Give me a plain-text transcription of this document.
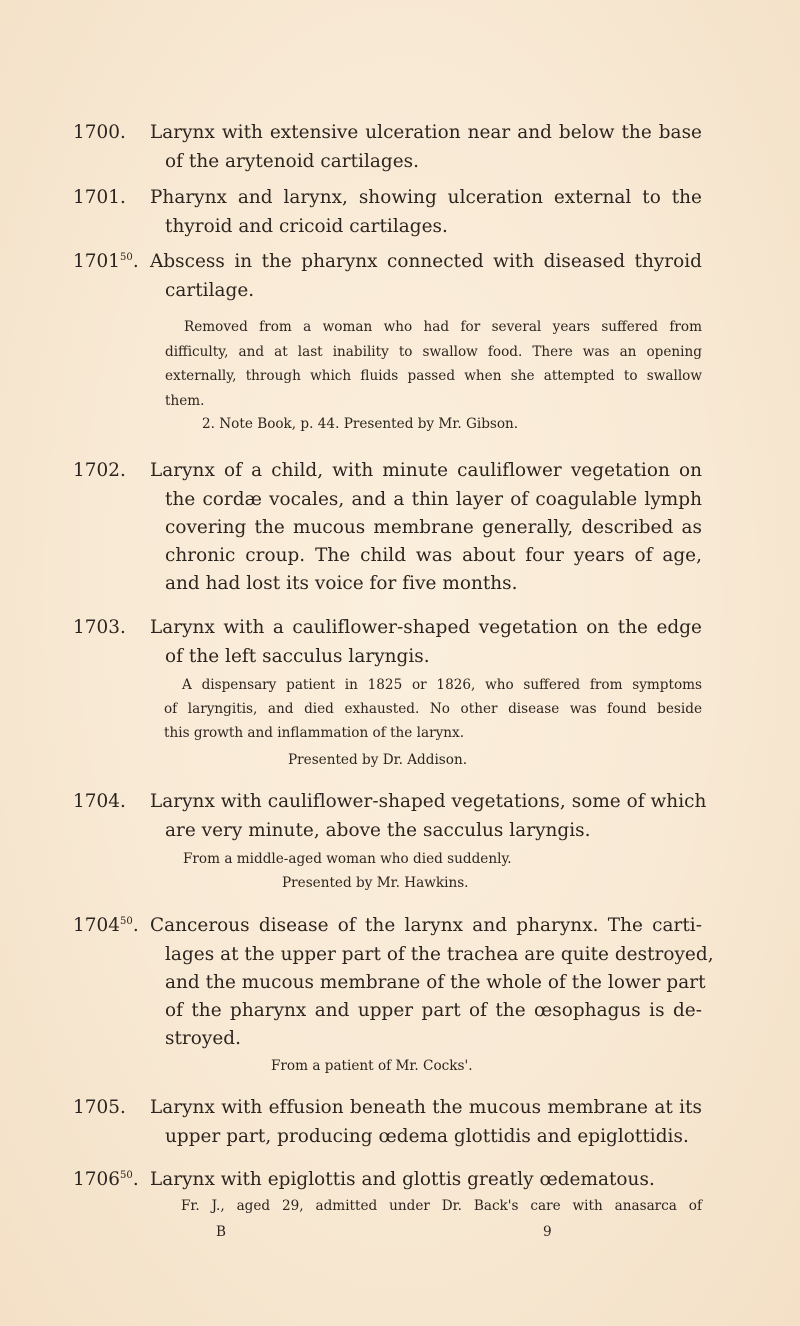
1700. Larynx with extensive ulceration near and below the base
of the arytenoid cartilages.
1701. Pharynx and larynx, showing ulceration external to the
thyroid and cricoid cartilages.
1701$^{50}$. Abscess in the pharynx connected with diseased thyroid
cartilage.
Removed from a woman who had for several years suffered from
difficulty, and at last inability to swallow food. There was an opening
externally, through which fluids passed when she attempted to swallow
them.
2. Note Book, p. 44. Presented by Mr. Gibson.
1702. Larynx of a child, with minute cauliflower vegetation on
the cordæ vocales, and a thin layer of coagulable lymph
covering the mucous membrane generally, described as
chronic croup. The child was about four years of age,
and had lost its voice for five months.
1703. Larynx with a cauliflower-shaped vegetation on the edge
of the left sacculus laryngis.
A dispensary patient in 1825 or 1826, who suffered from symptoms
of laryngitis, and died exhausted. No other disease was found beside
this growth and inflammation of the larynx.
Presented by Dr. Addison.
1704. Larynx with cauliflower-shaped vegetations, some of which
are very minute, above the sacculus laryngis.
From a middle-aged woman who died suddenly.
Presented by Mr. Hawkins.
1704$^{50}$. Cancerous disease of the larynx and pharynx. The carti-
lages at the upper part of the trachea are quite destroyed,
and the mucous membrane of the whole of the lower part
of the pharynx and upper part of the œsophagus is de-
stroyed.
From a patient of Mr. Cocks'.
1705. Larynx with effusion beneath the mucous membrane at its
upper part, producing œdema glottidis and epiglottidis.
1706$^{50}$. Larynx with epiglottis and glottis greatly œdematous.
Fr. J., aged 29, admitted under Dr. Back's care with anasarca of
B	9
